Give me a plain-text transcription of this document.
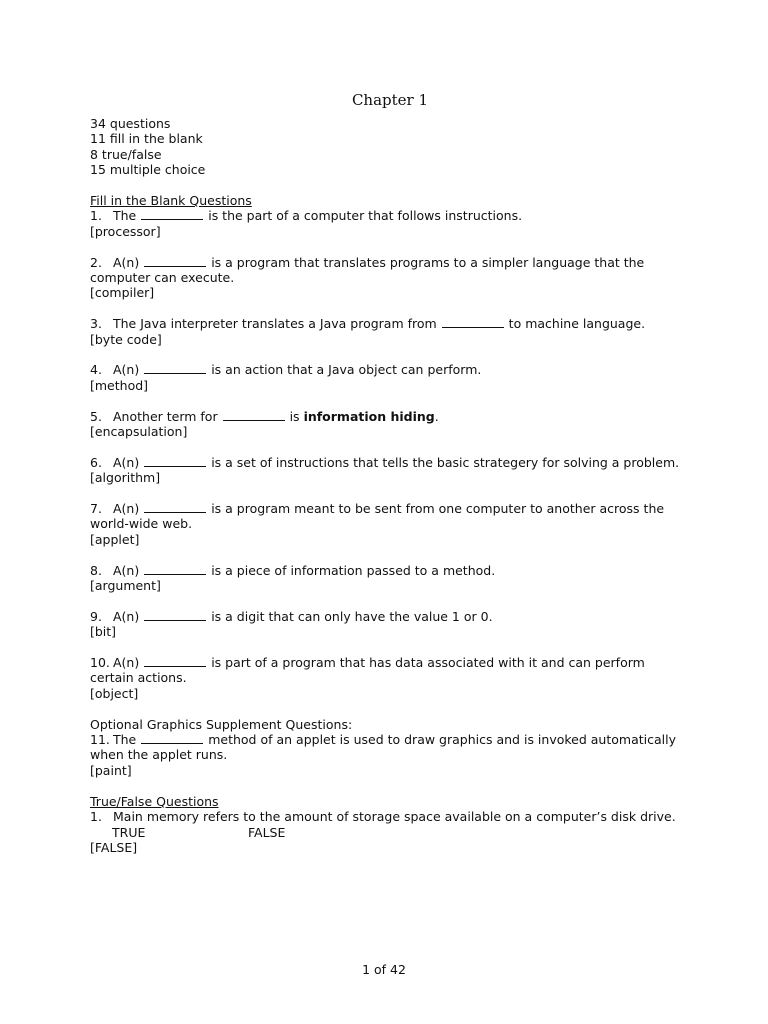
Chapter 1
34 questions
11 fill in the blank
8 true/false
15 multiple choice
Fill in the Blank Questions
1. The	is the part of a computer that follows instructions.
[processor]
2. A(n)	is a program that translates programs to a simpler language that the computer can execute.
[compiler]
3. The Java interpreter translates a Java program from	to machine language.
[byte code]
4. A(n)	is an action that a Java object can perform.
[method]
5. Another term for	is information hiding.
[encapsulation]
6. A(n)	is a set of instructions that tells the basic strategery for solving a problem.
[algorithm]
7. A(n)	is a program meant to be sent from one computer to another across the world-wide web.
[applet]
8. A(n)	is a piece of information passed to a method.
[argument]
9. A(n)	is a digit that can only have the value 1 or 0.
[bit]
10. A(n)	is part of a program that has data associated with it and can perform certain actions.
[object]
Optional Graphics Supplement Questions:
11. The	method of an applet is used to draw graphics and is invoked automatically when the applet runs.
[paint]
True/False Questions
1. Main memory refers to the amount of storage space available on a computer’s disk drive.
TRUE	FALSE
[FALSE]
1 of 42
